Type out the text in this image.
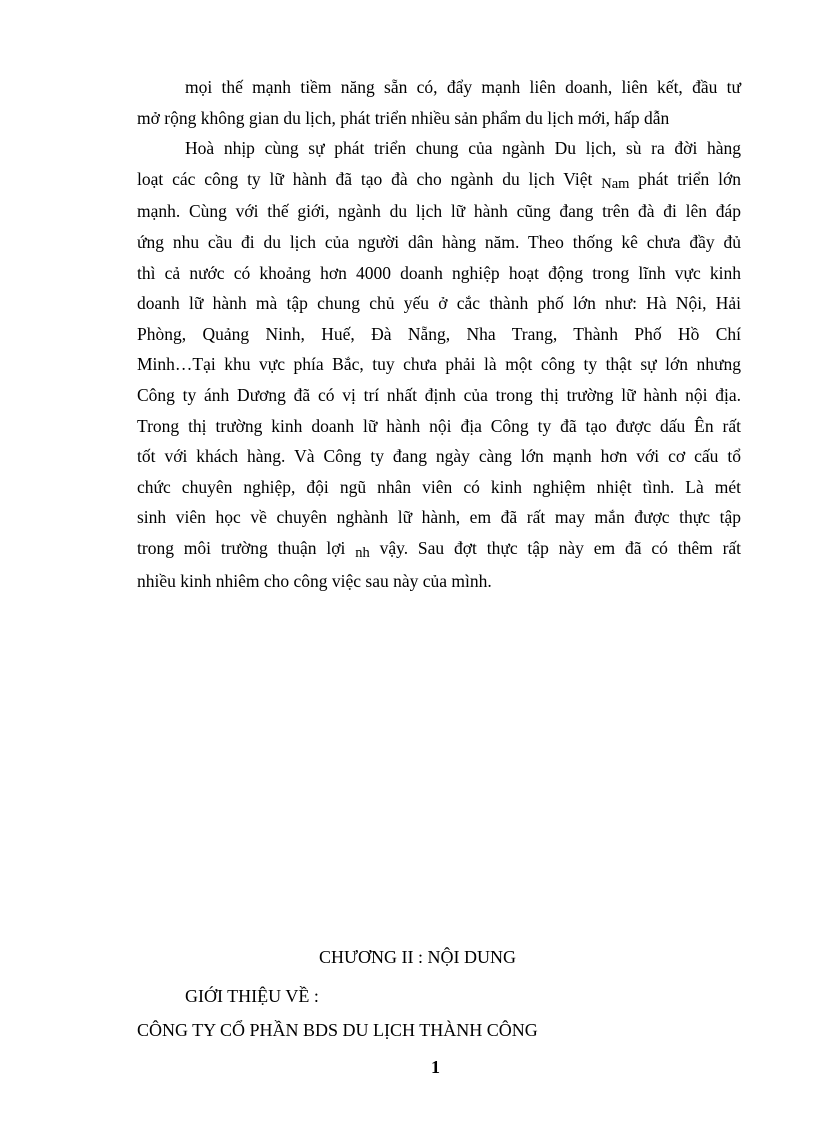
mọi thế mạnh tiềm năng sẵn có, đẩy mạnh liên doanh, liên kết, đầu tư
mở rộng không gian du lịch, phát triển nhiều sản phẩm du lịch mới, hấp dẫn
Hoà nhịp cùng sự phát triển chung của ngành Du lịch, sù ra đời hàng
loạt các công ty lữ hành đã tạo đà cho ngành du lịch Việt Nam phát triển lớn
mạnh. Cùng với thế giới, ngành du lịch lữ hành cũng đang trên đà đi lên đáp
ứng nhu cầu đi du lịch của người dân hàng năm. Theo thống kê chưa đầy đủ
thì cả nước có khoảng hơn 4000 doanh nghiệp hoạt động trong lĩnh vực kinh
doanh lữ hành mà tập chung chủ yếu ở cắc thành phố lớn như: Hà Nội, Hải
Phòng, Quảng Ninh, Huế, Đà Nẵng, Nha Trang, Thành Phố Hồ Chí
Minh…Tại khu vực phía Bắc, tuy chưa phải là một công ty thật sự lớn nhưng
Công ty ánh Dương đã có vị trí nhất định của trong thị trường lữ hành nội địa.
Trong thị trường kinh doanh lữ hành nội địa Công ty đã tạo được dấu Ên rất
tốt với khách hàng. Và Công ty đang ngày càng lớn mạnh hơn với cơ cấu tổ
chức chuyên nghiệp, đội ngũ nhân viên có kinh nghiệm nhiệt tình. Là mét
sinh viên học về chuyên nghành lữ hành, em đã rất may mắn được thực tập
trong môi trường thuận lợi nh vậy. Sau đợt thực tập này em đã có thêm rất
nhiều kinh nhiêm cho công việc sau này của mình.
CHƯƠNG II : NỘI DUNG
GIỚI THIỆU VỀ :
CÔNG TY CỔ PHẦN BDS DU LỊCH THÀNH CÔNG
1
